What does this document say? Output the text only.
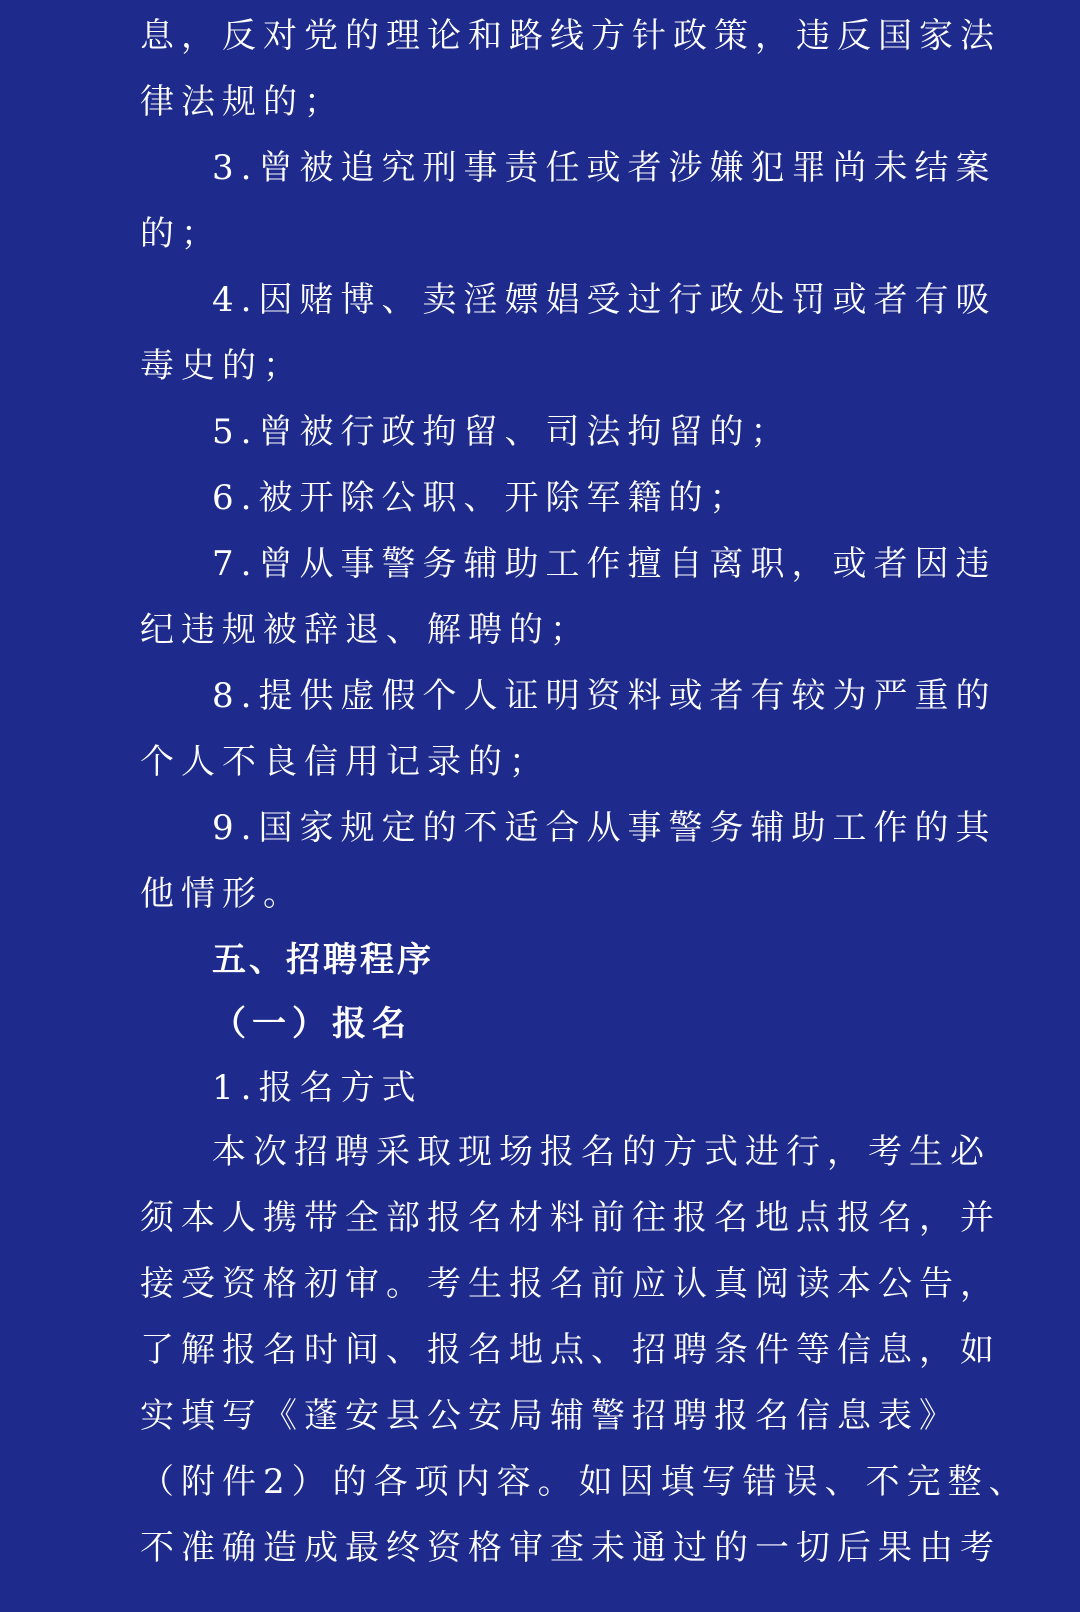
息，反对党的理论和路线方针政策，违反国家法
律法规的；
3.曾被追究刑事责任或者涉嫌犯罪尚未结案
的；
4.因赌博、卖淫嫖娼受过行政处罚或者有吸
毒史的；
5.曾被行政拘留、司法拘留的；
6.被开除公职、开除军籍的；
7.曾从事警务辅助工作擅自离职，或者因违
纪违规被辞退、解聘的；
8.提供虚假个人证明资料或者有较为严重的
个人不良信用记录的；
9.国家规定的不适合从事警务辅助工作的其
他情形。
五、招聘程序
（一）报名
1.报名方式
本次招聘采取现场报名的方式进行，考生必
须本人携带全部报名材料前往报名地点报名，并
接受资格初审。考生报名前应认真阅读本公告，
了解报名时间、报名地点、招聘条件等信息，如
实填写《蓬安县公安局辅警招聘报名信息表》
（附件2）的各项内容。如因填写错误、不完整、
不准确造成最终资格审查未通过的一切后果由考
